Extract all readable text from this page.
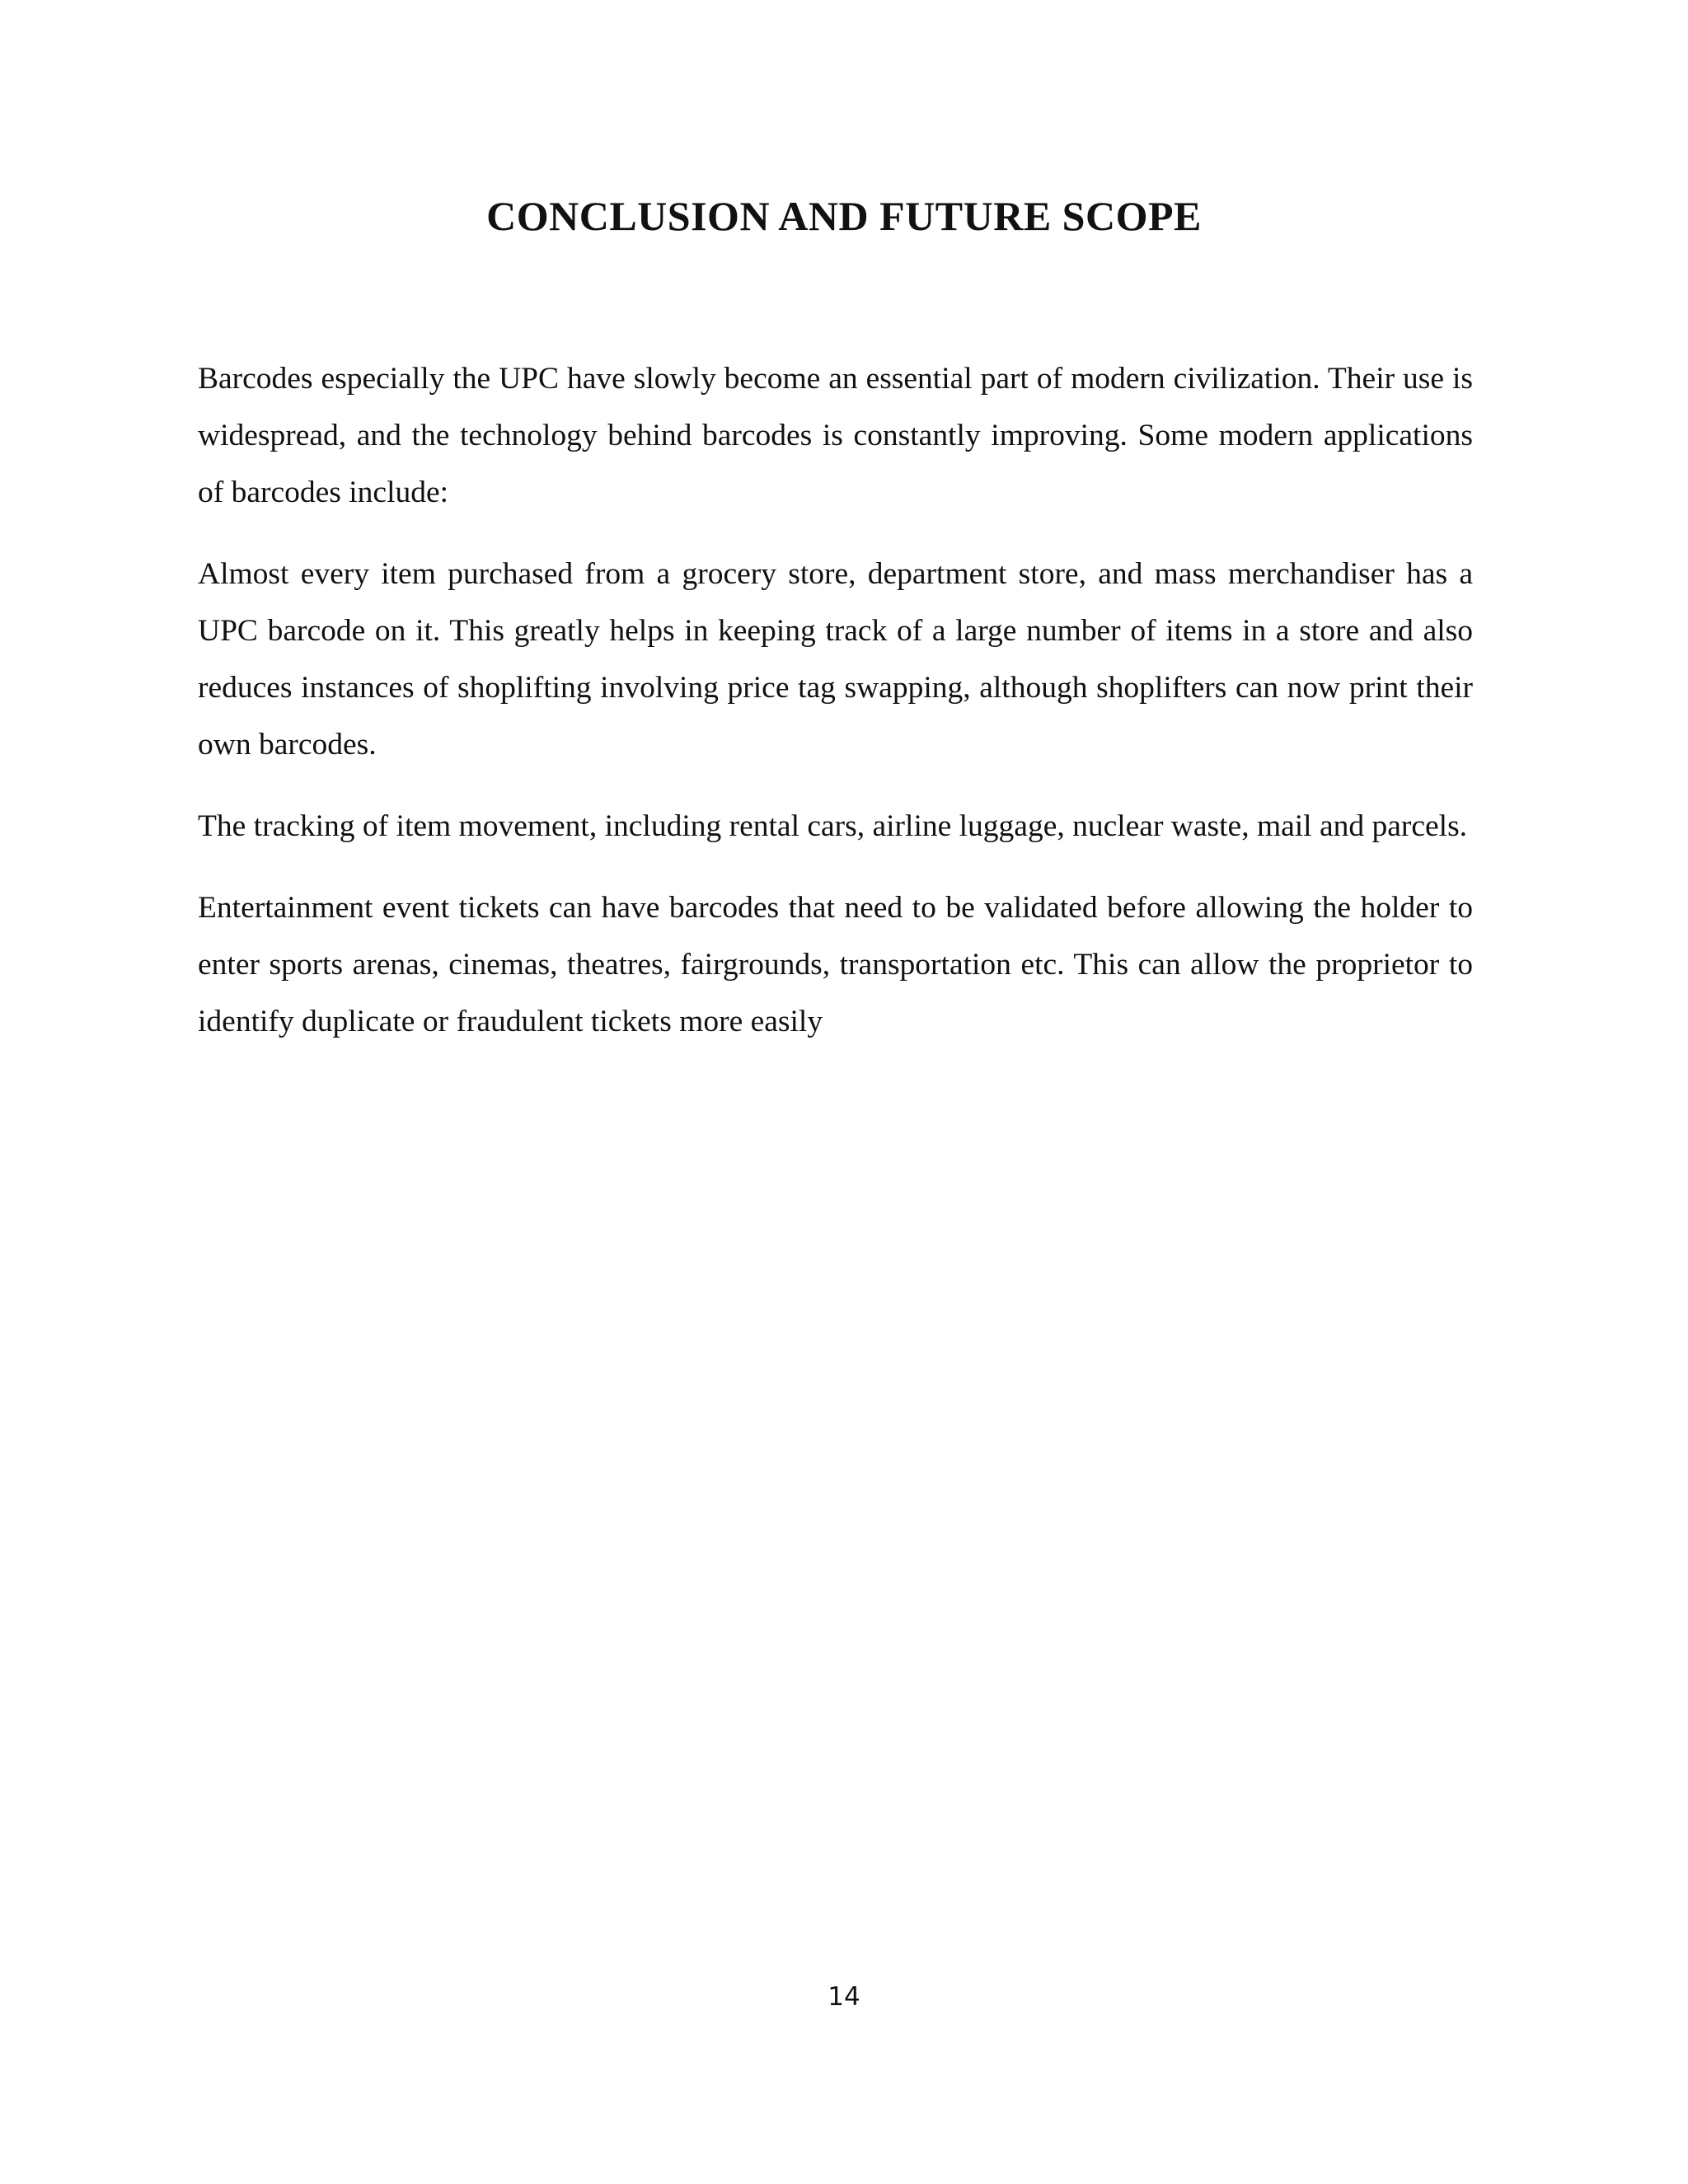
CONCLUSION AND FUTURE SCOPE

Barcodes especially the UPC have slowly become an essential part of modern civilization. Their use is widespread, and the technology behind barcodes is constantly improving. Some modern applications of barcodes include:

Almost every item purchased from a grocery store, department store, and mass merchandiser has a UPC barcode on it. This greatly helps in keeping track of a large number of items in a store and also reduces instances of shoplifting involving price tag swapping, although shoplifters can now print their own barcodes.

The tracking of item movement, including rental cars, airline luggage, nuclear waste, mail and parcels.

Entertainment event tickets can have barcodes that need to be validated before allowing the holder to enter sports arenas, cinemas, theatres, fairgrounds, transportation etc. This can allow the proprietor to identify duplicate or fraudulent tickets more easily

14
